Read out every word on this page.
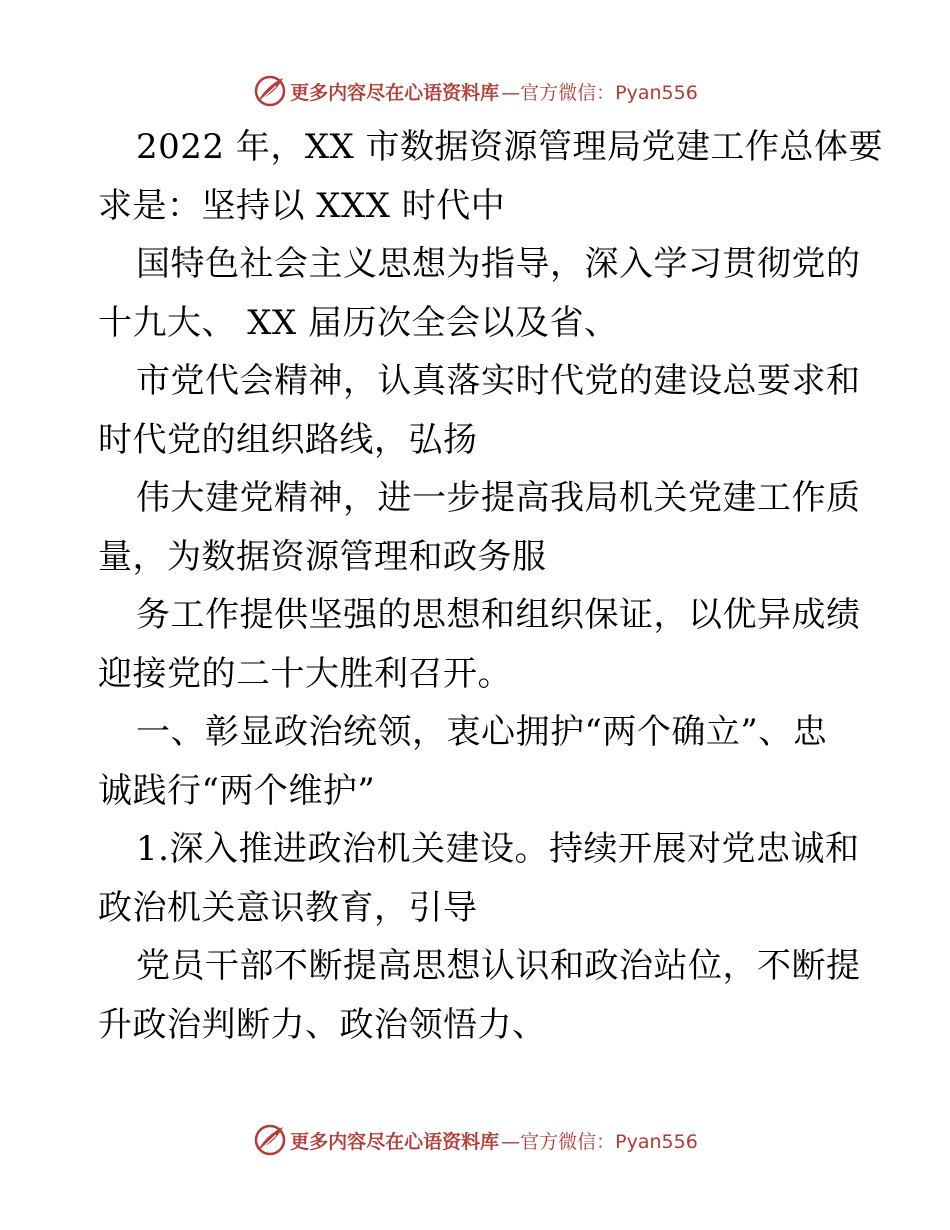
更多内容尽在心语资料库 —官方微信：Pyan556
2022 年，XX 市数据资源管理局党建工作总体要
求是：坚持以 XXX 时代中
国特色社会主义思想为指导，深入学习贯彻党的
十九大、 XX 届历次全会以及省、
市党代会精神，认真落实时代党的建设总要求和
时代党的组织路线，弘扬
伟大建党精神，进一步提高我局机关党建工作质
量，为数据资源管理和政务服
务工作提供坚强的思想和组织保证，以优异成绩
迎接党的二十大胜利召开。
一、彰显政治统领，衷心拥护“两个确立”、忠
诚践行“两个维护”
1.深入推进政治机关建设。持续开展对党忠诚和
政治机关意识教育，引导
党员干部不断提高思想认识和政治站位，不断提
升政治判断力、政治领悟力、
更多内容尽在心语资料库 —官方微信：Pyan556
